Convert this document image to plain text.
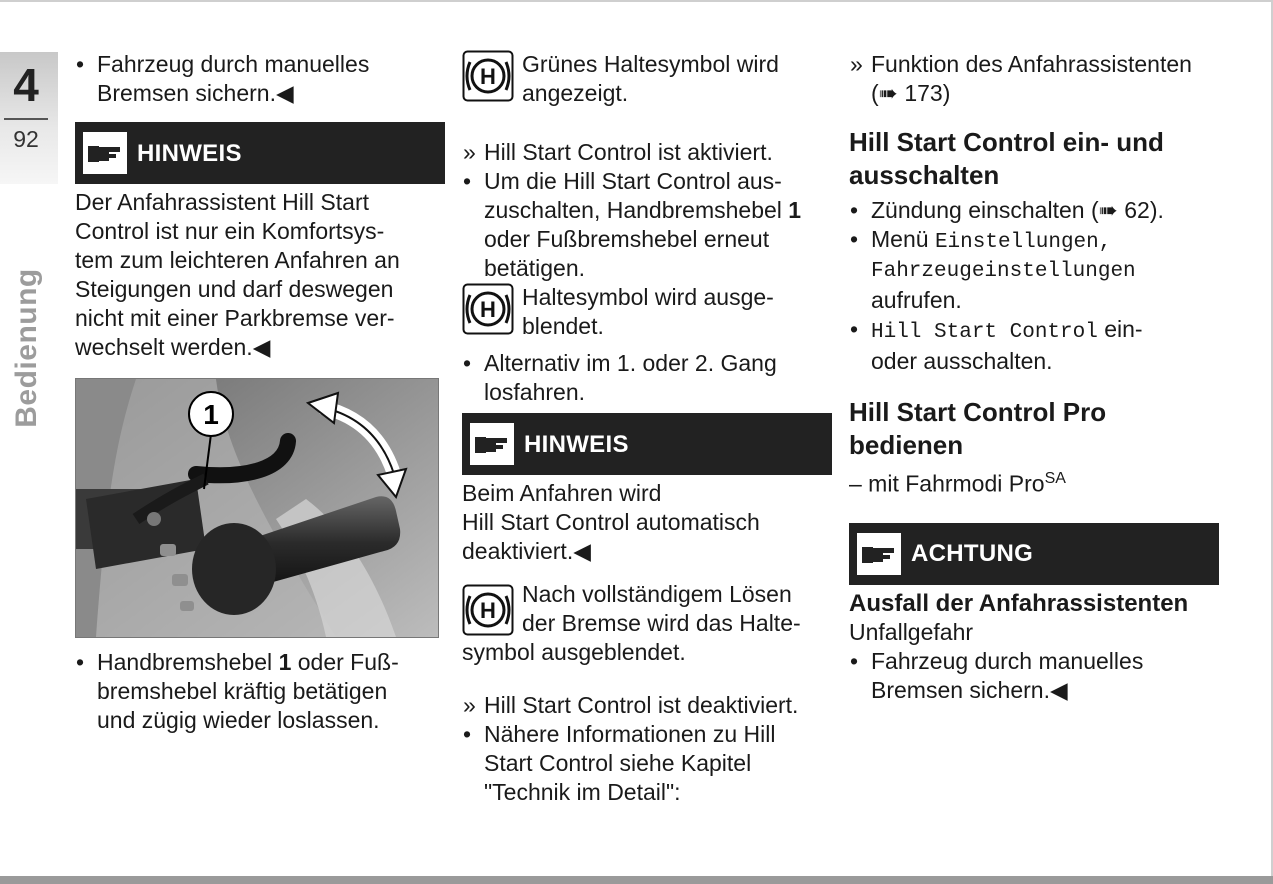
4
92
Bedienung
• Fahrzeug durch manuelles Bremsen sichern.◀
HINWEIS
Der Anfahrassistent Hill Start
Control ist nur ein Komfortsys-
tem zum leichteren Anfahren an
Steigungen und darf deswegen
nicht mit einer Parkbremse ver-
wechselt werden.◀
1
• Handbremshebel 1 oder Fuß-
bremshebel kräftig betätigen
und zügig wieder loslassen.
H Grünes Haltesymbol wird
angezeigt.
» Hill Start Control ist aktiviert.
• Um die Hill Start Control aus-
zuschalten, Handbremshebel 1
oder Fußbremshebel erneut
betätigen.
H Haltesymbol wird ausge-
blendet.
• Alternativ im 1. oder 2. Gang
losfahren.
HINWEIS
Beim Anfahren wird
Hill Start Control automatisch
deaktiviert.◀
H
Nach vollständigem Lösen
der Bremse wird das Halte-
symbol ausgeblendet.
» Hill Start Control ist deaktiviert.
• Nähere Informationen zu Hill
Start Control siehe Kapitel
"Technik im Detail":
» Funktion des Anfahrassistenten
(➠ 173)
Hill Start Control ein- und
ausschalten
• Zündung einschalten (➠ 62).
• Menü Einstellungen,
Fahrzeugeinstellungen
aufrufen.
• Hill Start Control ein-
oder ausschalten.
Hill Start Control Pro
bedienen
– mit Fahrmodi Pro$^{SA}$
ACHTUNG
Ausfall der Anfahrassistenten
Unfallgefahr
• Fahrzeug durch manuelles
Bremsen sichern.◀
